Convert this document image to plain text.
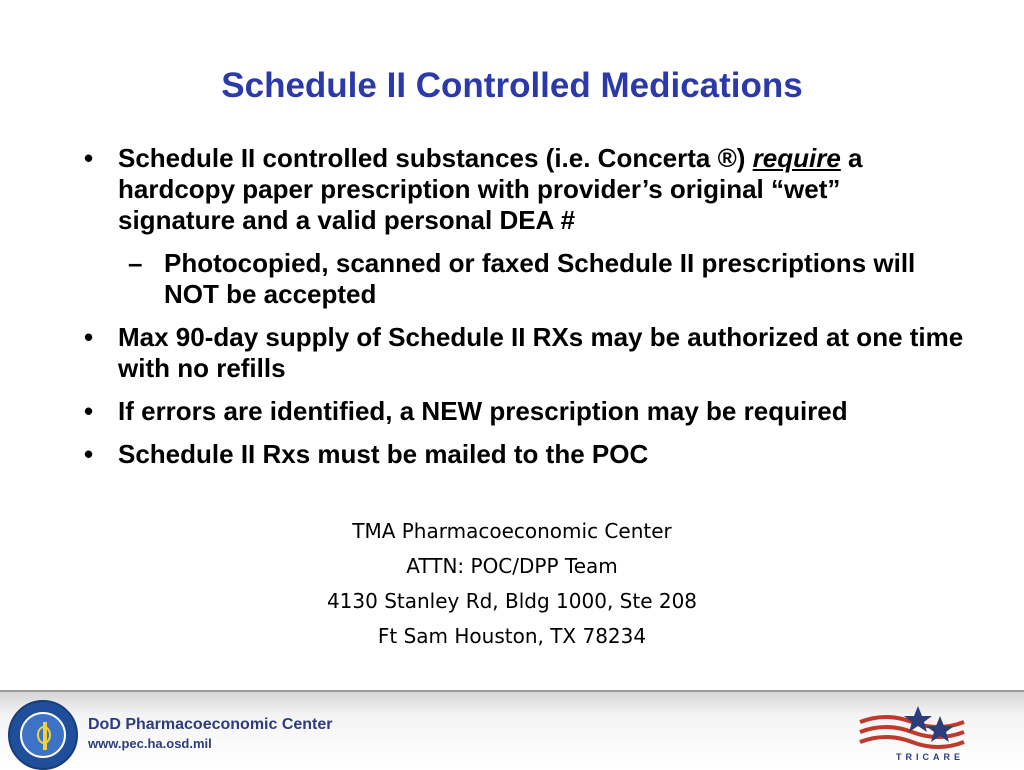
Schedule II Controlled Medications
• Schedule II controlled substances (i.e. Concerta ®) require a hardcopy paper prescription with provider’s original “wet” signature and a valid personal DEA #
– Photocopied, scanned or faxed Schedule II prescriptions will NOT be accepted
• Max 90-day supply of Schedule II RXs may be authorized at one time with no refills
• If errors are identified, a NEW prescription may be required
• Schedule II Rxs must be mailed to the POC
TMA Pharmacoeconomic Center
ATTN: POC/DPP Team
4130 Stanley Rd, Bldg 1000, Ste 208
Ft Sam Houston, TX 78234
DoD Pharmacoeconomic Center
www.pec.ha.osd.mil
TRICARE
